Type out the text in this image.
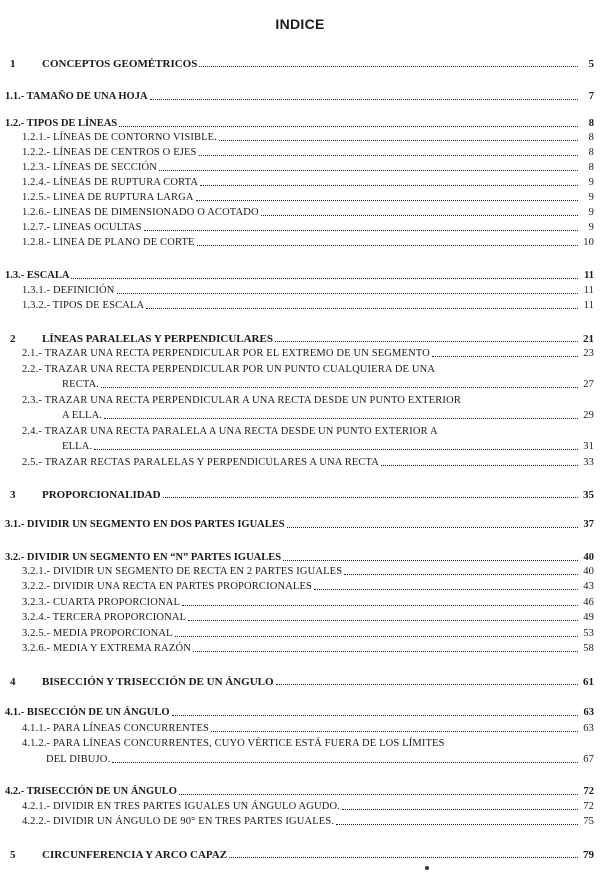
INDICE
1	CONCEPTOS GEOMÉTRICOS	5
1.1.- TAMAÑO DE UNA HOJA	7
1.2.- TIPOS DE LÍNEAS	8
1.2.1.- LÍNEAS DE CONTORNO VISIBLE.	8
1.2.2.- LÍNEAS DE CENTROS O EJES	8
1.2.3.- LÍNEAS DE SECCIÓN	8
1.2.4.- LÍNEAS DE RUPTURA CORTA	9
1.2.5.- LINEA DE RUPTURA LARGA	9
1.2.6.- LINEAS DE DIMENSIONADO O ACOTADO	9
1.2.7.- LINEAS OCULTAS	9
1.2.8.- LINEA DE PLANO DE CORTE	10
1.3.- ESCALA	11
1.3.1.- DEFINICIÓN	11
1.3.2.- TIPOS DE ESCALA	11
2	LÍNEAS PARALELAS Y PERPENDICULARES	21
2.1.- TRAZAR UNA RECTA PERPENDICULAR POR EL EXTREMO DE UN SEGMENTO	23
2.2.- TRAZAR UNA RECTA PERPENDICULAR POR UN PUNTO CUALQUIERA DE UNA
RECTA.	27
2.3.- TRAZAR UNA RECTA PERPENDICULAR A UNA RECTA DESDE UN PUNTO EXTERIOR
A ELLA.	29
2.4.- TRAZAR UNA RECTA PARALELA A UNA RECTA DESDE UN PUNTO EXTERIOR A
ELLA.	31
2.5.- TRAZAR RECTAS PARALELAS Y PERPENDICULARES A UNA RECTA	33
3	PROPORCIONALIDAD	35
3.1.- DIVIDIR UN SEGMENTO EN DOS PARTES IGUALES	37
3.2.- DIVIDIR UN SEGMENTO EN “N” PARTES IGUALES	40
3.2.1.- DIVIDIR UN SEGMENTO DE RECTA EN 2 PARTES IGUALES	40
3.2.2.- DIVIDIR UNA RECTA EN PARTES PROPORCIONALES	43
3.2.3.- CUARTA PROPORCIONAL	46
3.2.4.- TERCERA PROPORCIONAL	49
3.2.5.- MEDIA PROPORCIONAL	53
3.2.6.- MEDIA Y EXTREMA RAZÓN	58
4	BISECCIÓN Y TRISECCIÓN DE UN ÁNGULO	61
4.1.- BISECCIÓN DE UN ÁNGULO	63
4.1.1.- PARA LÍNEAS CONCURRENTES	63
4.1.2.- PARA LÍNEAS CONCURRENTES, CUYO VÉRTICE ESTÁ FUERA DE LOS LÍMITES
DEL DIBUJO.	67
4.2.- TRISECCIÓN DE UN ÁNGULO	72
4.2.1.- DIVIDIR EN TRES PARTES IGUALES UN ÁNGULO AGUDO.	72
4.2.2.- DIVIDIR UN ÁNGULO DE 90° EN TRES PARTES IGUALES.	75
5	CIRCUNFERENCIA Y ARCO CAPAZ	79
